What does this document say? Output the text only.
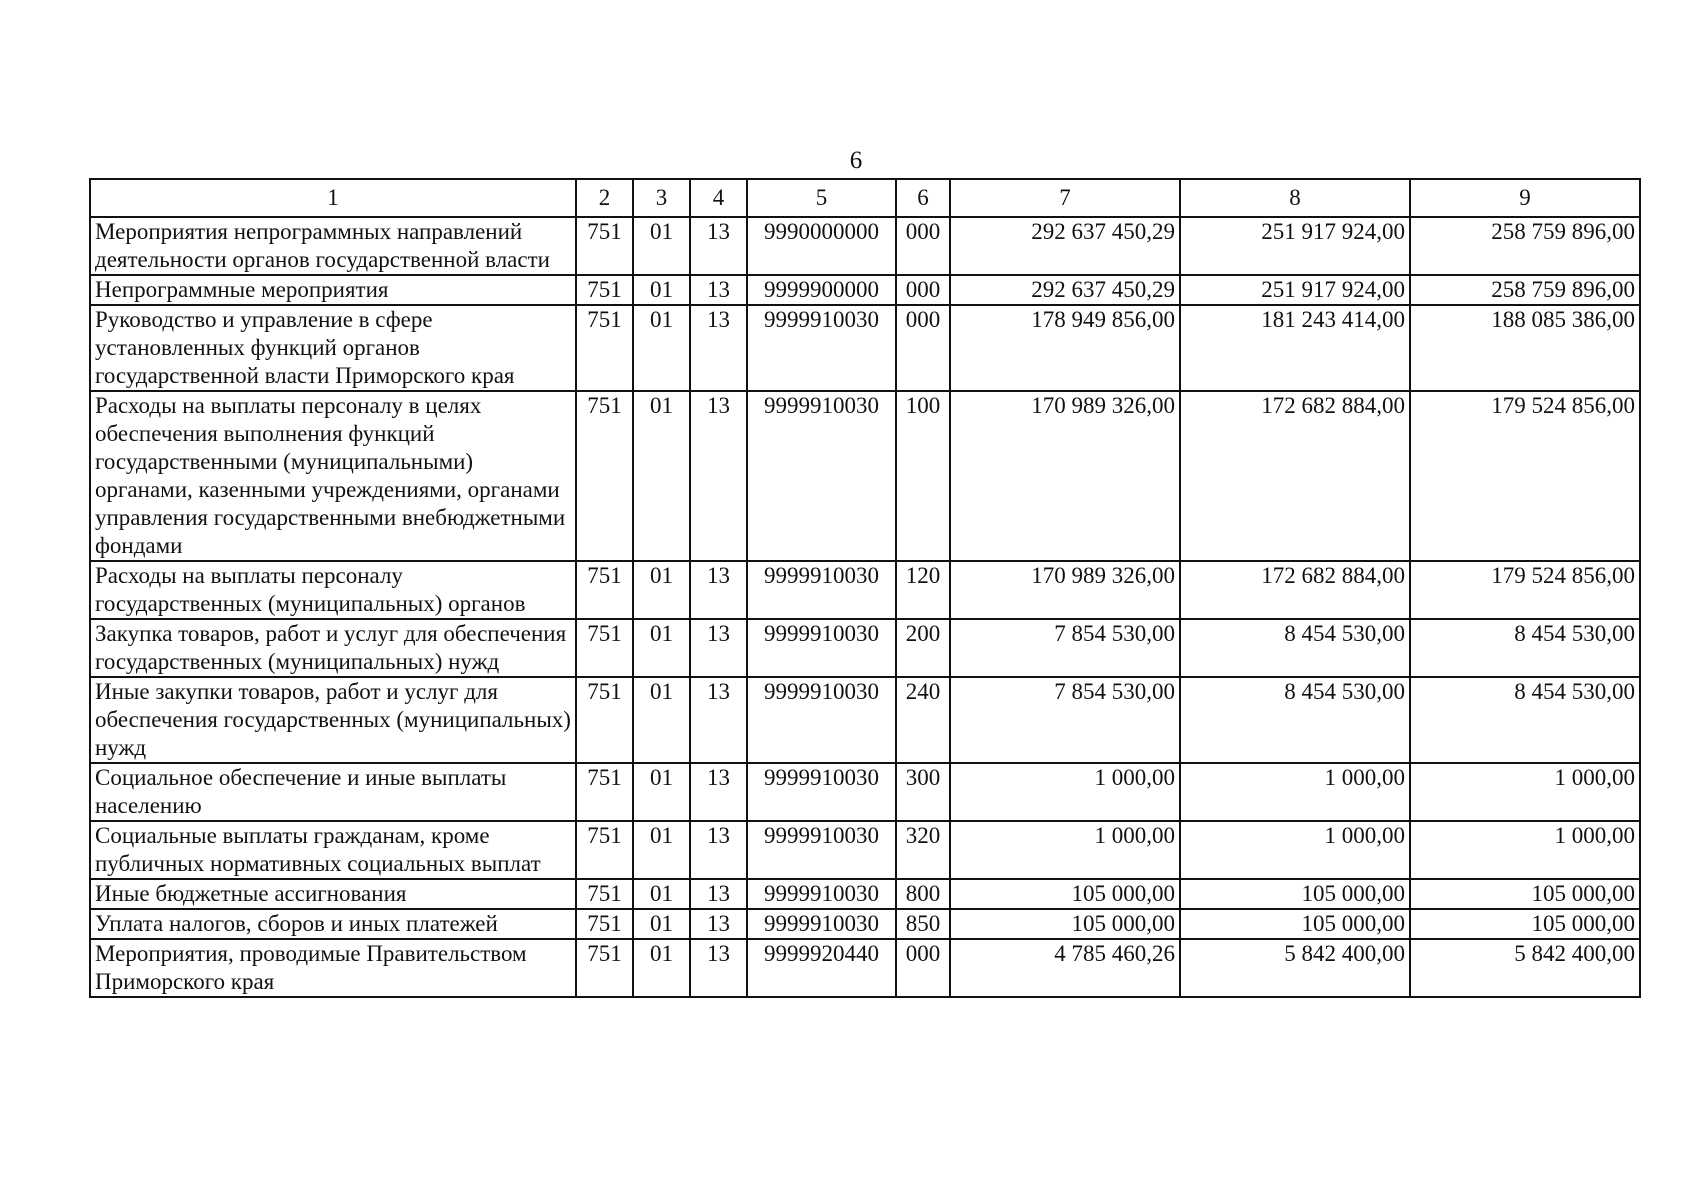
6
1	2	3	4	5	6	7	8	9
Мероприятия непрограммных направлений деятельности органов государственной власти	751	01	13	9990000000	000	292 637 450,29	251 917 924,00	258 759 896,00
Непрограммные мероприятия	751	01	13	9999900000	000	292 637 450,29	251 917 924,00	258 759 896,00
Руководство и управление в сфере установленных функций органов государственной власти Приморского края	751	01	13	9999910030	000	178 949 856,00	181 243 414,00	188 085 386,00
Расходы на выплаты персоналу в целях обеспечения выполнения функций государственными (муниципальными) органами, казенными учреждениями, органами управления государственными внебюджетными фондами	751	01	13	9999910030	100	170 989 326,00	172 682 884,00	179 524 856,00
Расходы на выплаты персоналу государственных (муниципальных) органов	751	01	13	9999910030	120	170 989 326,00	172 682 884,00	179 524 856,00
Закупка товаров, работ и услуг для обеспечения государственных (муниципальных) нужд	751	01	13	9999910030	200	7 854 530,00	8 454 530,00	8 454 530,00
Иные закупки товаров, работ и услуг для обеспечения государственных (муниципальных) нужд	751	01	13	9999910030	240	7 854 530,00	8 454 530,00	8 454 530,00
Социальное обеспечение и иные выплаты населению	751	01	13	9999910030	300	1 000,00	1 000,00	1 000,00
Социальные выплаты гражданам, кроме публичных нормативных социальных выплат	751	01	13	9999910030	320	1 000,00	1 000,00	1 000,00
Иные бюджетные ассигнования	751	01	13	9999910030	800	105 000,00	105 000,00	105 000,00
Уплата налогов, сборов и иных платежей	751	01	13	9999910030	850	105 000,00	105 000,00	105 000,00
Мероприятия, проводимые Правительством Приморского края	751	01	13	9999920440	000	4 785 460,26	5 842 400,00	5 842 400,00
